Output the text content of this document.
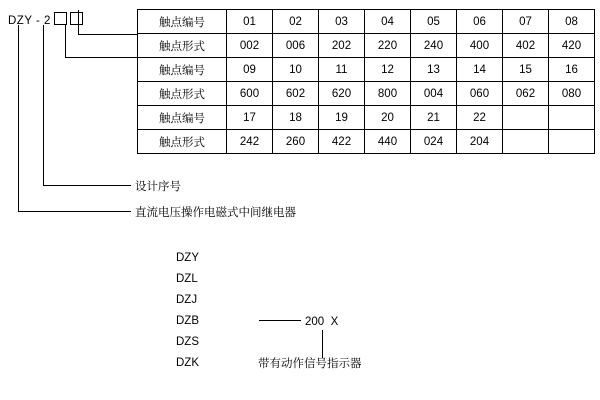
DZY - 2
设计序号
直流电压操作电磁式中间继电器
触点编号	01	02	03	04	05	06	07	08
触点形式	002	006	202	220	240	400	402	420
触点编号	09	10	11	12	13	14	15	16
触点形式	600	602	620	800	004	060	062	080
触点编号	17	18	19	20	21	22		
触点形式	242	260	422	440	024	204		
DZY
DZL
DZJ
DZB
DZS
DZK
200 X
带有动作信号指示器
